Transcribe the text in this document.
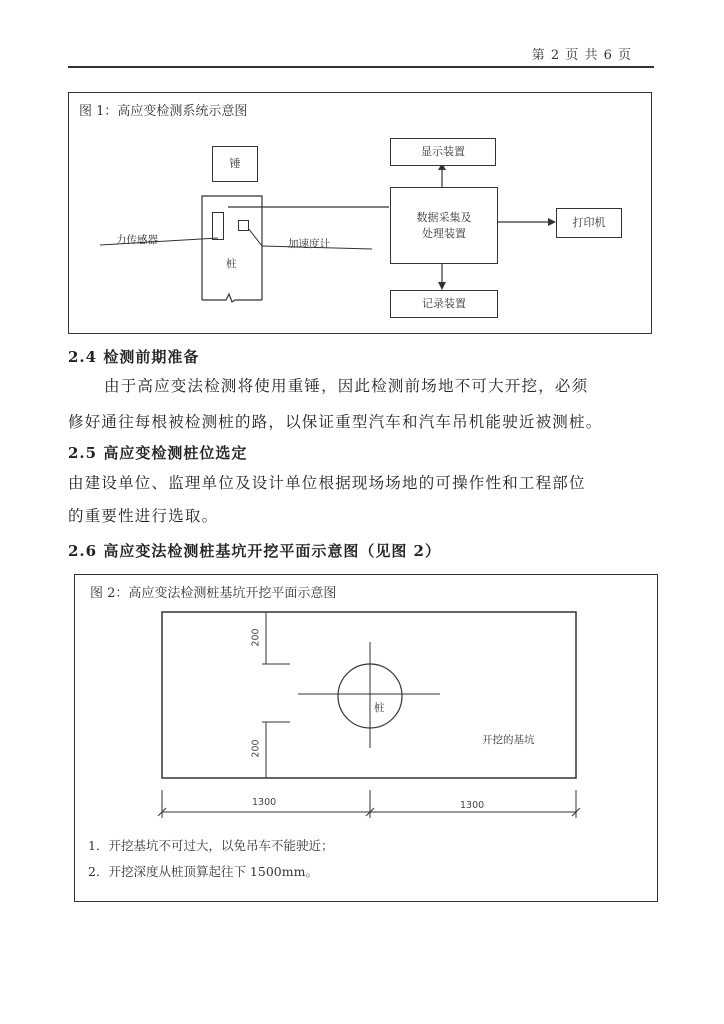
第 2 页 共 6 页
图 1：高应变检测系统示意图
锤
桩
力传感器	加速度计
显示装置
数据采集及
处理装置
打印机
记录装置
2.4 检测前期准备
由于高应变法检测将使用重锤，因此检测前场地不可大开挖，必须
修好通往每根被检测桩的路，以保证重型汽车和汽车吊机能驶近被测桩。
2.5 高应变检测桩位选定
由建设单位、监理单位及设计单位根据现场场地的可操作性和工程部位
的重要性进行选取。
2.6 高应变法检测桩基坑开挖平面示意图（见图 2）
图 2：高应变法检测桩基坑开挖平面示意图
200
200
桩
开挖的基坑
1300	1300
1．开挖基坑不可过大，以免吊车不能驶近；
2．开挖深度从桩顶算起往下 1500mm。
